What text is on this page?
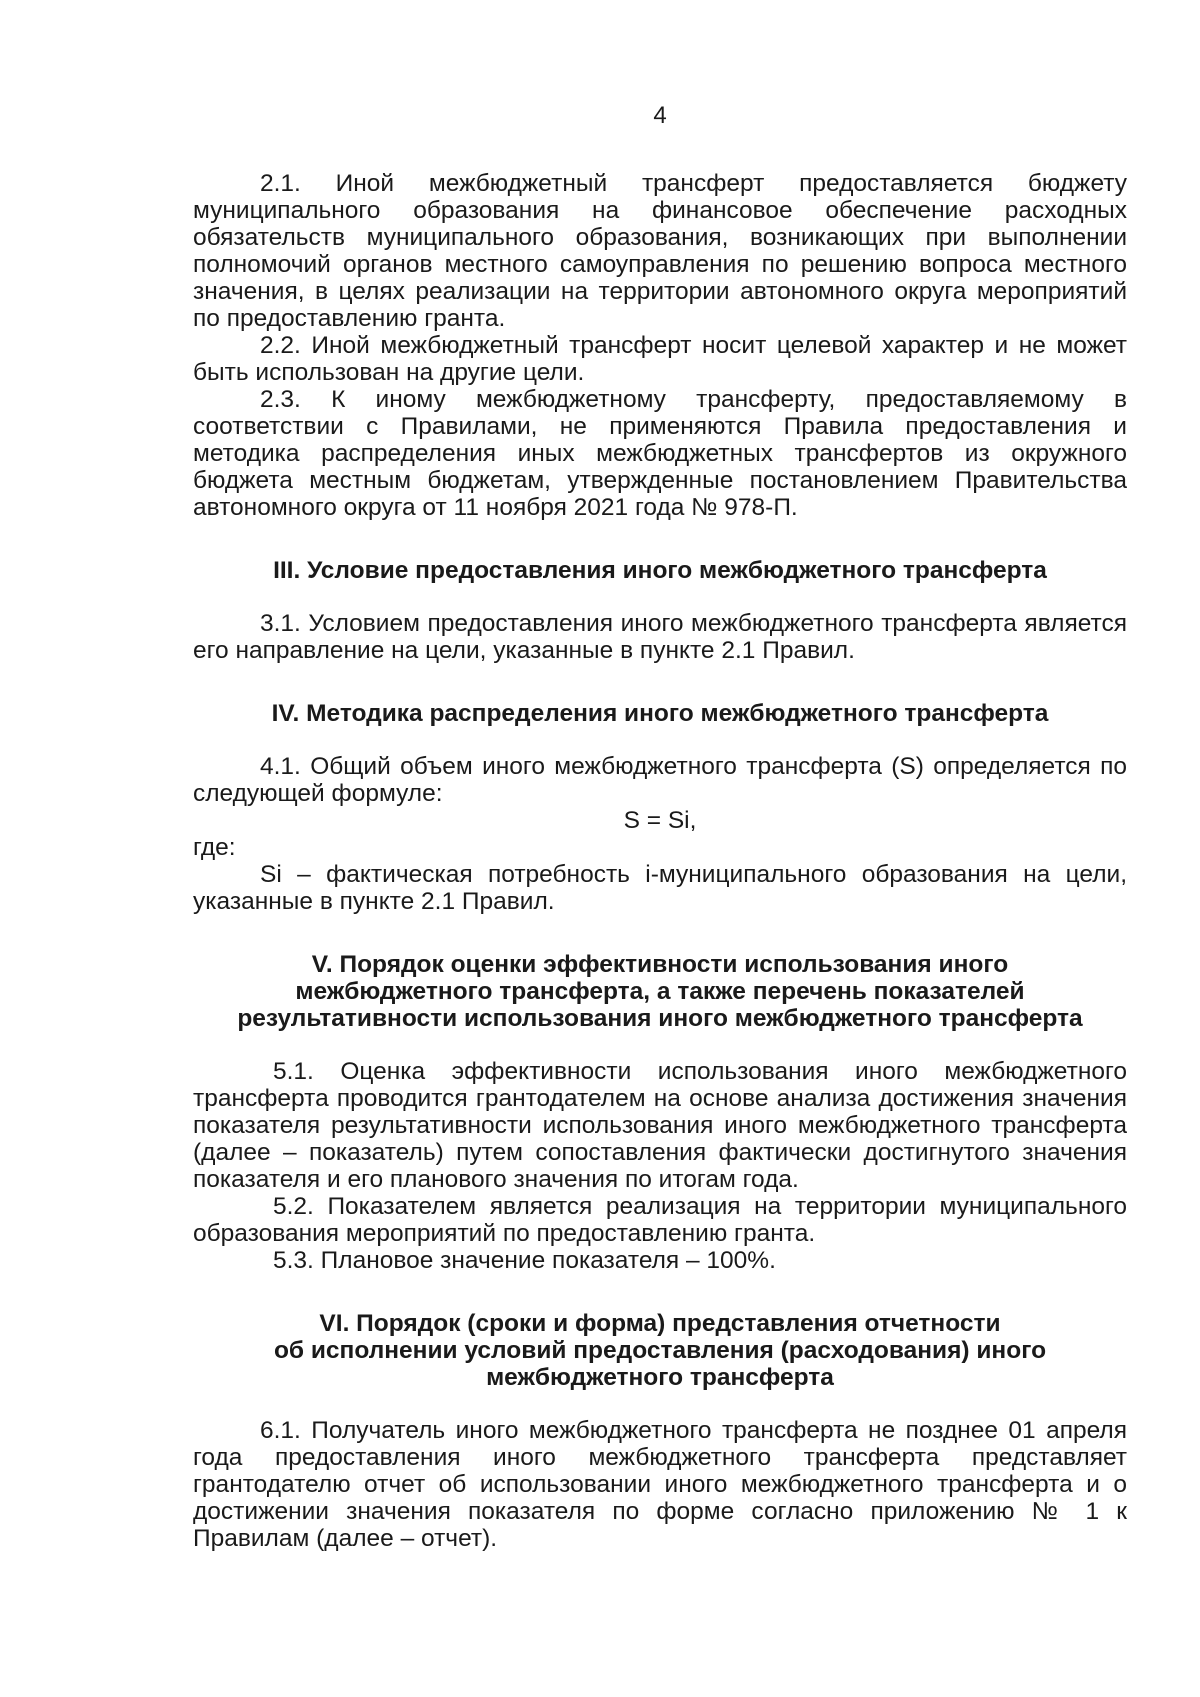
4

2.1. Иной межбюджетный трансферт предоставляется бюджету муниципального образования на финансовое обеспечение расходных обязательств муниципального образования, возникающих при выполнении полномочий органов местного самоуправления по решению вопроса местного значения, в целях реализации на территории автономного округа мероприятий по предоставлению гранта.

2.2. Иной межбюджетный трансферт носит целевой характер и не может быть использован на другие цели.

2.3. К иному межбюджетному трансферту, предоставляемому в соответствии с Правилами, не применяются Правила предоставления и методика распределения иных межбюджетных трансфертов из окружного бюджета местным бюджетам, утвержденные постановлением Правительства автономного округа от 11 ноября 2021 года № 978-П.

III. Условие предоставления иного межбюджетного трансферта

3.1. Условием предоставления иного межбюджетного трансферта является его направление на цели, указанные в пункте 2.1 Правил.

IV. Методика распределения иного межбюджетного трансферта

4.1. Общий объем иного межбюджетного трансферта (S) определяется по следующей формуле:

S = Si,

где:

Si – фактическая потребность i-муниципального образования на цели, указанные в пункте 2.1 Правил.

V. Порядок оценки эффективности использования иного
межбюджетного трансферта, а также перечень показателей
результативности использования иного межбюджетного трансферта

5.1. Оценка эффективности использования иного межбюджетного трансферта проводится грантодателем на основе анализа достижения значения показателя результативности использования иного межбюджетного трансферта (далее – показатель) путем сопоставления фактически достигнутого значения показателя и его планового значения по итогам года.

5.2. Показателем является реализация на территории муниципального образования мероприятий по предоставлению гранта.

5.3. Плановое значение показателя – 100%.

VI. Порядок (сроки и форма) представления отчетности
об исполнении условий предоставления (расходования) иного
межбюджетного трансферта

6.1. Получатель иного межбюджетного трансферта не позднее 01 апреля года предоставления иного межбюджетного трансферта представляет грантодателю отчет об использовании иного межбюджетного трансферта и о достижении значения показателя по форме согласно приложению № 1 к Правилам (далее – отчет).
